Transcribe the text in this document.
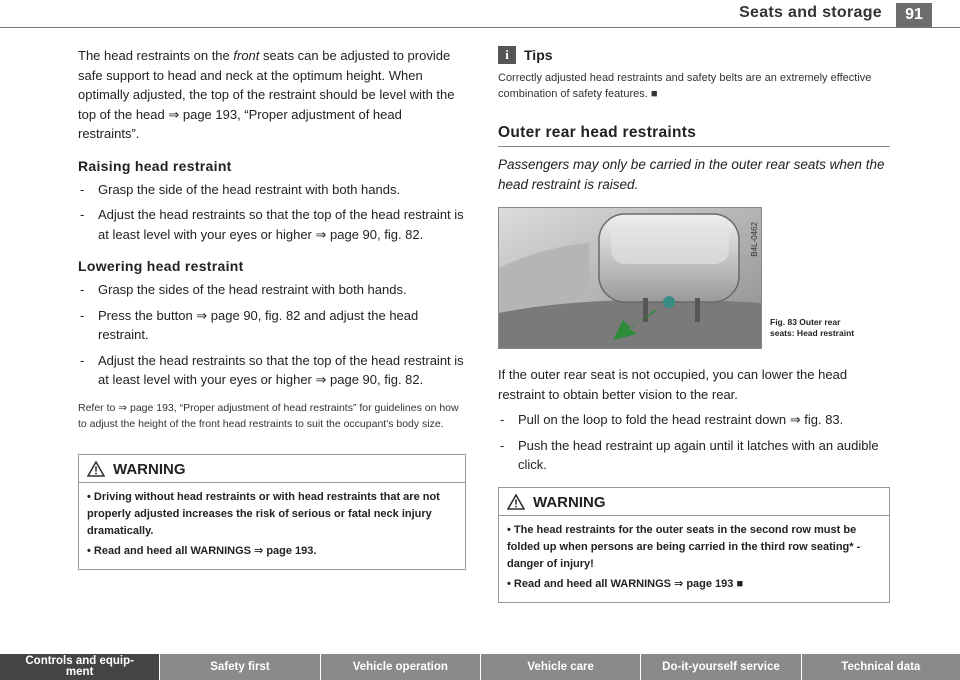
Seats and storage	91

The head restraints on the front seats can be adjusted to provide safe support to head and neck at the optimum height. When optimally adjusted, the top of the restraint should be level with the top of the head ⇒ page 193, “Proper adjustment of head restraints”.

Raising head restraint
- Grasp the side of the head restraint with both hands.
- Adjust the head restraints so that the top of the head restraint is at least level with your eyes or higher ⇒ page 90, fig. 82.
Lowering head restraint
- Grasp the sides of the head restraint with both hands.
- Press the button ⇒ page 90, fig. 82 and adjust the head restraint.
- Adjust the head restraints so that the top of the head restraint is at least level with your eyes or higher ⇒ page 90, fig. 82.

Refer to ⇒ page 193, “Proper adjustment of head restraints” for guidelines on how to adjust the height of the front head restraints to suit the occupant's body size.

WARNING
• Driving without head restraints or with head restraints that are not properly adjusted increases the risk of serious or fatal neck injury dramatically.
• Read and heed all WARNINGS ⇒ page 193.
i	Tips

Correctly adjusted head restraints and safety belts are an extremely effective combination of safety features. ■

Outer rear head restraints

Passengers may only be carried in the outer rear seats when the head restraint is raised.

B4L-0462
Fig. 83 Outer rear
seats: Head restraint

If the outer rear seat is not occupied, you can lower the head restraint to obtain better vision to the rear.

- Pull on the loop to fold the head restraint down ⇒ fig. 83.
- Push the head restraint up again until it latches with an audible click.
WARNING
• The head restraints for the outer seats in the second row must be folded up when persons are being carried in the third row seating* - danger of injury!
• Read and heed all WARNINGS ⇒ page 193 ■
Controls and equip-
ment	Safety first	Vehicle operation	Vehicle care	Do-it-yourself service	Technical data
